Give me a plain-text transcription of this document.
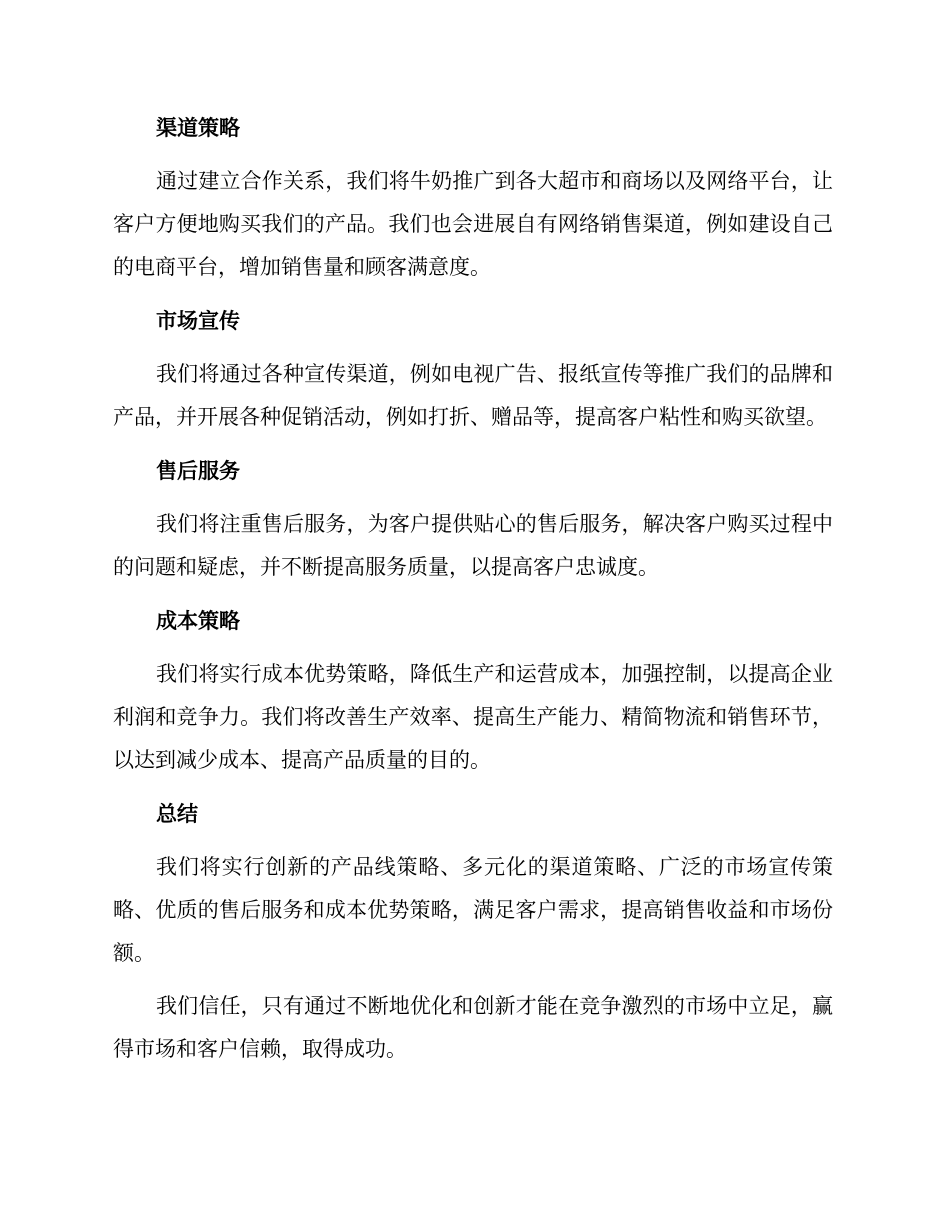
渠道策略

通过建立合作关系，我们将牛奶推广到各大超市和商场以及网络平台，让客户方便地购买我们的产品。我们也会进展自有网络销售渠道，例如建设自己的电商平台，增加销售量和顾客满意度。

市场宣传

我们将通过各种宣传渠道，例如电视广告、报纸宣传等推广我们的品牌和产品，并开展各种促销活动，例如打折、赠品等，提高客户粘性和购买欲望。

售后服务

我们将注重售后服务，为客户提供贴心的售后服务，解决客户购买过程中的问题和疑虑，并不断提高服务质量，以提高客户忠诚度。

成本策略

我们将实行成本优势策略，降低生产和运营成本，加强控制，以提高企业利润和竞争力。我们将改善生产效率、提高生产能力、精简物流和销售环节，以达到减少成本、提高产品质量的目的。

总结

我们将实行创新的产品线策略、多元化的渠道策略、广泛的市场宣传策略、优质的售后服务和成本优势策略，满足客户需求，提高销售收益和市场份额。

我们信任，只有通过不断地优化和创新才能在竞争激烈的市场中立足，赢得市场和客户信赖，取得成功。
